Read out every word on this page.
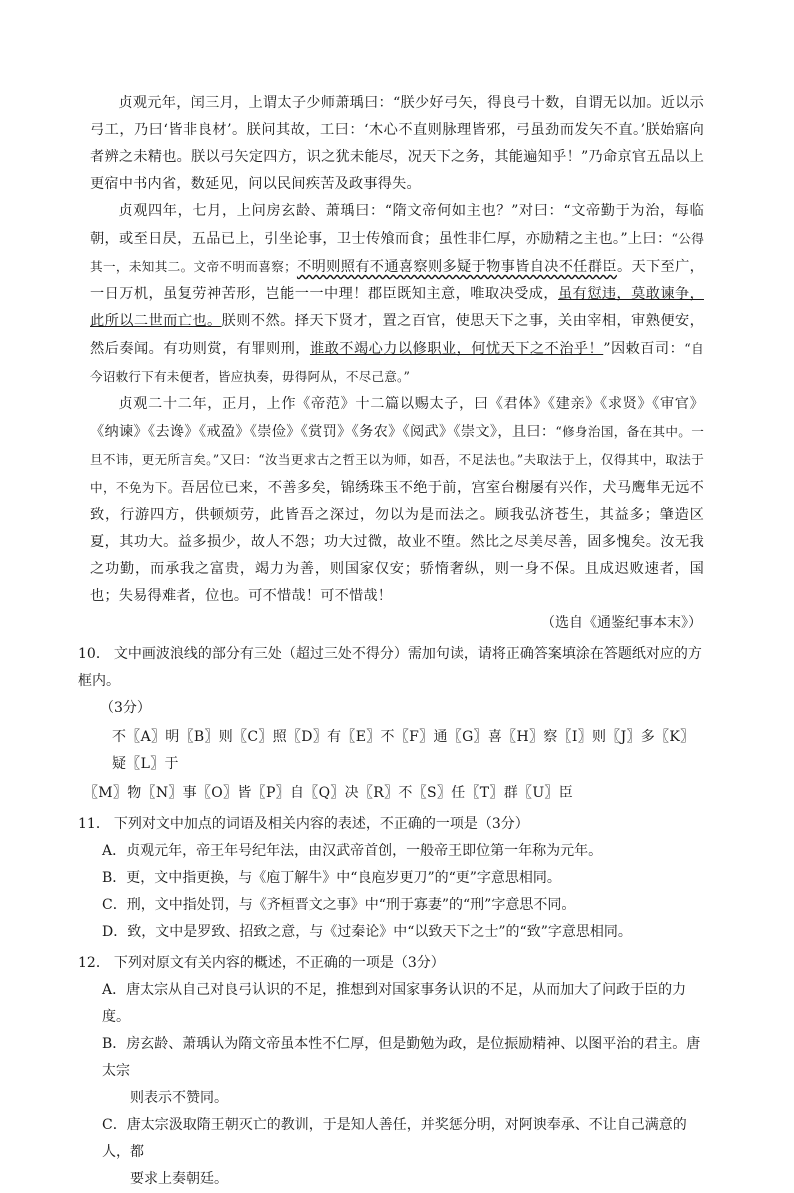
贞观元年，闰三月，上谓太子少师萧瑀曰：“朕少好弓矢，得良弓十数，自谓无以加。近以示弓工，乃曰‘皆非良材’。朕问其故，工曰：‘木心不直则脉理皆邪，弓虽劲而发矢不直。’朕始寤向者辨之未精也。朕以弓矢定四方，识之犹未能尽，况天下之务，其能遍知乎！”乃命京官五品以上更宿中书内省，数延见，问以民间疾苦及政事得失。

贞观四年，七月，上问房玄龄、萧瑀曰：“隋文帝何如主也？”对曰：“文帝勤于为治，每临朝，或至日昃，五品已上，引坐论事，卫士传飧而食；虽性非仁厚，亦励精之主也。”上曰：“公得其一，未知其二。文帝不明而喜察；不明则照有不通喜察则多疑于物事皆自决不任群臣。天下至广，一日万机，虽复劳神苦形，岂能一一中理！郡臣既知主意，唯取决受成，虽有愆违，莫敢谏争，此所以二世而亡也。朕则不然。择天下贤才，置之百官，使思天下之事，关由宰相，审熟便安，然后奏闻。有功则赏，有罪则刑，谁敢不竭心力以修职业，何忧天下之不治乎！”因敕百司：“自今诏敕行下有未便者，皆应执奏，毋得阿从，不尽己意。”

贞观二十二年，正月，上作《帝范》十二篇以赐太子，曰《君体》《建亲》《求贤》《审官》《纳谏》《去谗》《戒盈》《崇俭》《赏罚》《务农》《阅武》《崇文》，且曰：“修身治国，备在其中。一旦不讳，更无所言矣。”又曰：“汝当更求古之哲王以为师，如吾，不足法也。”夫取法于上，仅得其中，取法于中，不免为下。吾居位已来，不善多矣，锦绣珠玉不绝于前，宫室台榭屡有兴作，犬马鹰隼无远不致，行游四方，供顿烦劳，此皆吾之深过，勿以为是而法之。顾我弘济苍生，其益多；肇造区夏，其功大。益多损少，故人不怨；功大过微，故业不堕。然比之尽美尽善，固多愧矣。汝无我之功勤，而承我之富贵，竭力为善，则国家仅安；骄惰奢纵，则一身不保。且成迟败速者，国也；失易得难者，位也。可不惜哉！可不惜哉！

（选自《通鉴纪事本末》）

10． 文中画波浪线的部分有三处（超过三处不得分）需加句读，请将正确答案填涂在答题纸对应的方框内。
（3分）
不〖A〗明〖B〗则〖C〗照〖D〗有〖E〗不〖F〗通〖G〗喜〖H〗察〖I〗则〖J〗多〖K〗疑〖L〗于
〖M〗物〖N〗事〖O〗皆〖P〗自〖Q〗决〖R〗不〖S〗任〖T〗群〖U〗臣
11． 下列对文中加点的词语及相关内容的表述，不正确的一项是（3分）
A．贞观元年，帝王年号纪年法，由汉武帝首创，一般帝王即位第一年称为元年。
B．更，文中指更换，与《庖丁解牛》中“良庖岁更刀”的“更”字意思相同。
C．刑，文中指处罚，与《齐桓晋文之事》中“刑于寡妻”的“刑”字意思不同。
D．致，文中是罗致、招致之意，与《过秦论》中“以致天下之士”的“致”字意思相同。
12． 下列对原文有关内容的概述，不正确的一项是（3分）
A．唐太宗从自己对良弓认识的不足，推想到对国家事务认识的不足，从而加大了问政于臣的力度。
B．房玄龄、萧瑀认为隋文帝虽本性不仁厚，但是勤勉为政，是位振励精神、以图平治的君主。唐太宗
则表示不赞同。
C．唐太宗汲取隋王朝灭亡的教训，于是知人善任，并奖惩分明，对阿谀奉承、不让自己满意的人，都
要求上奏朝廷。
